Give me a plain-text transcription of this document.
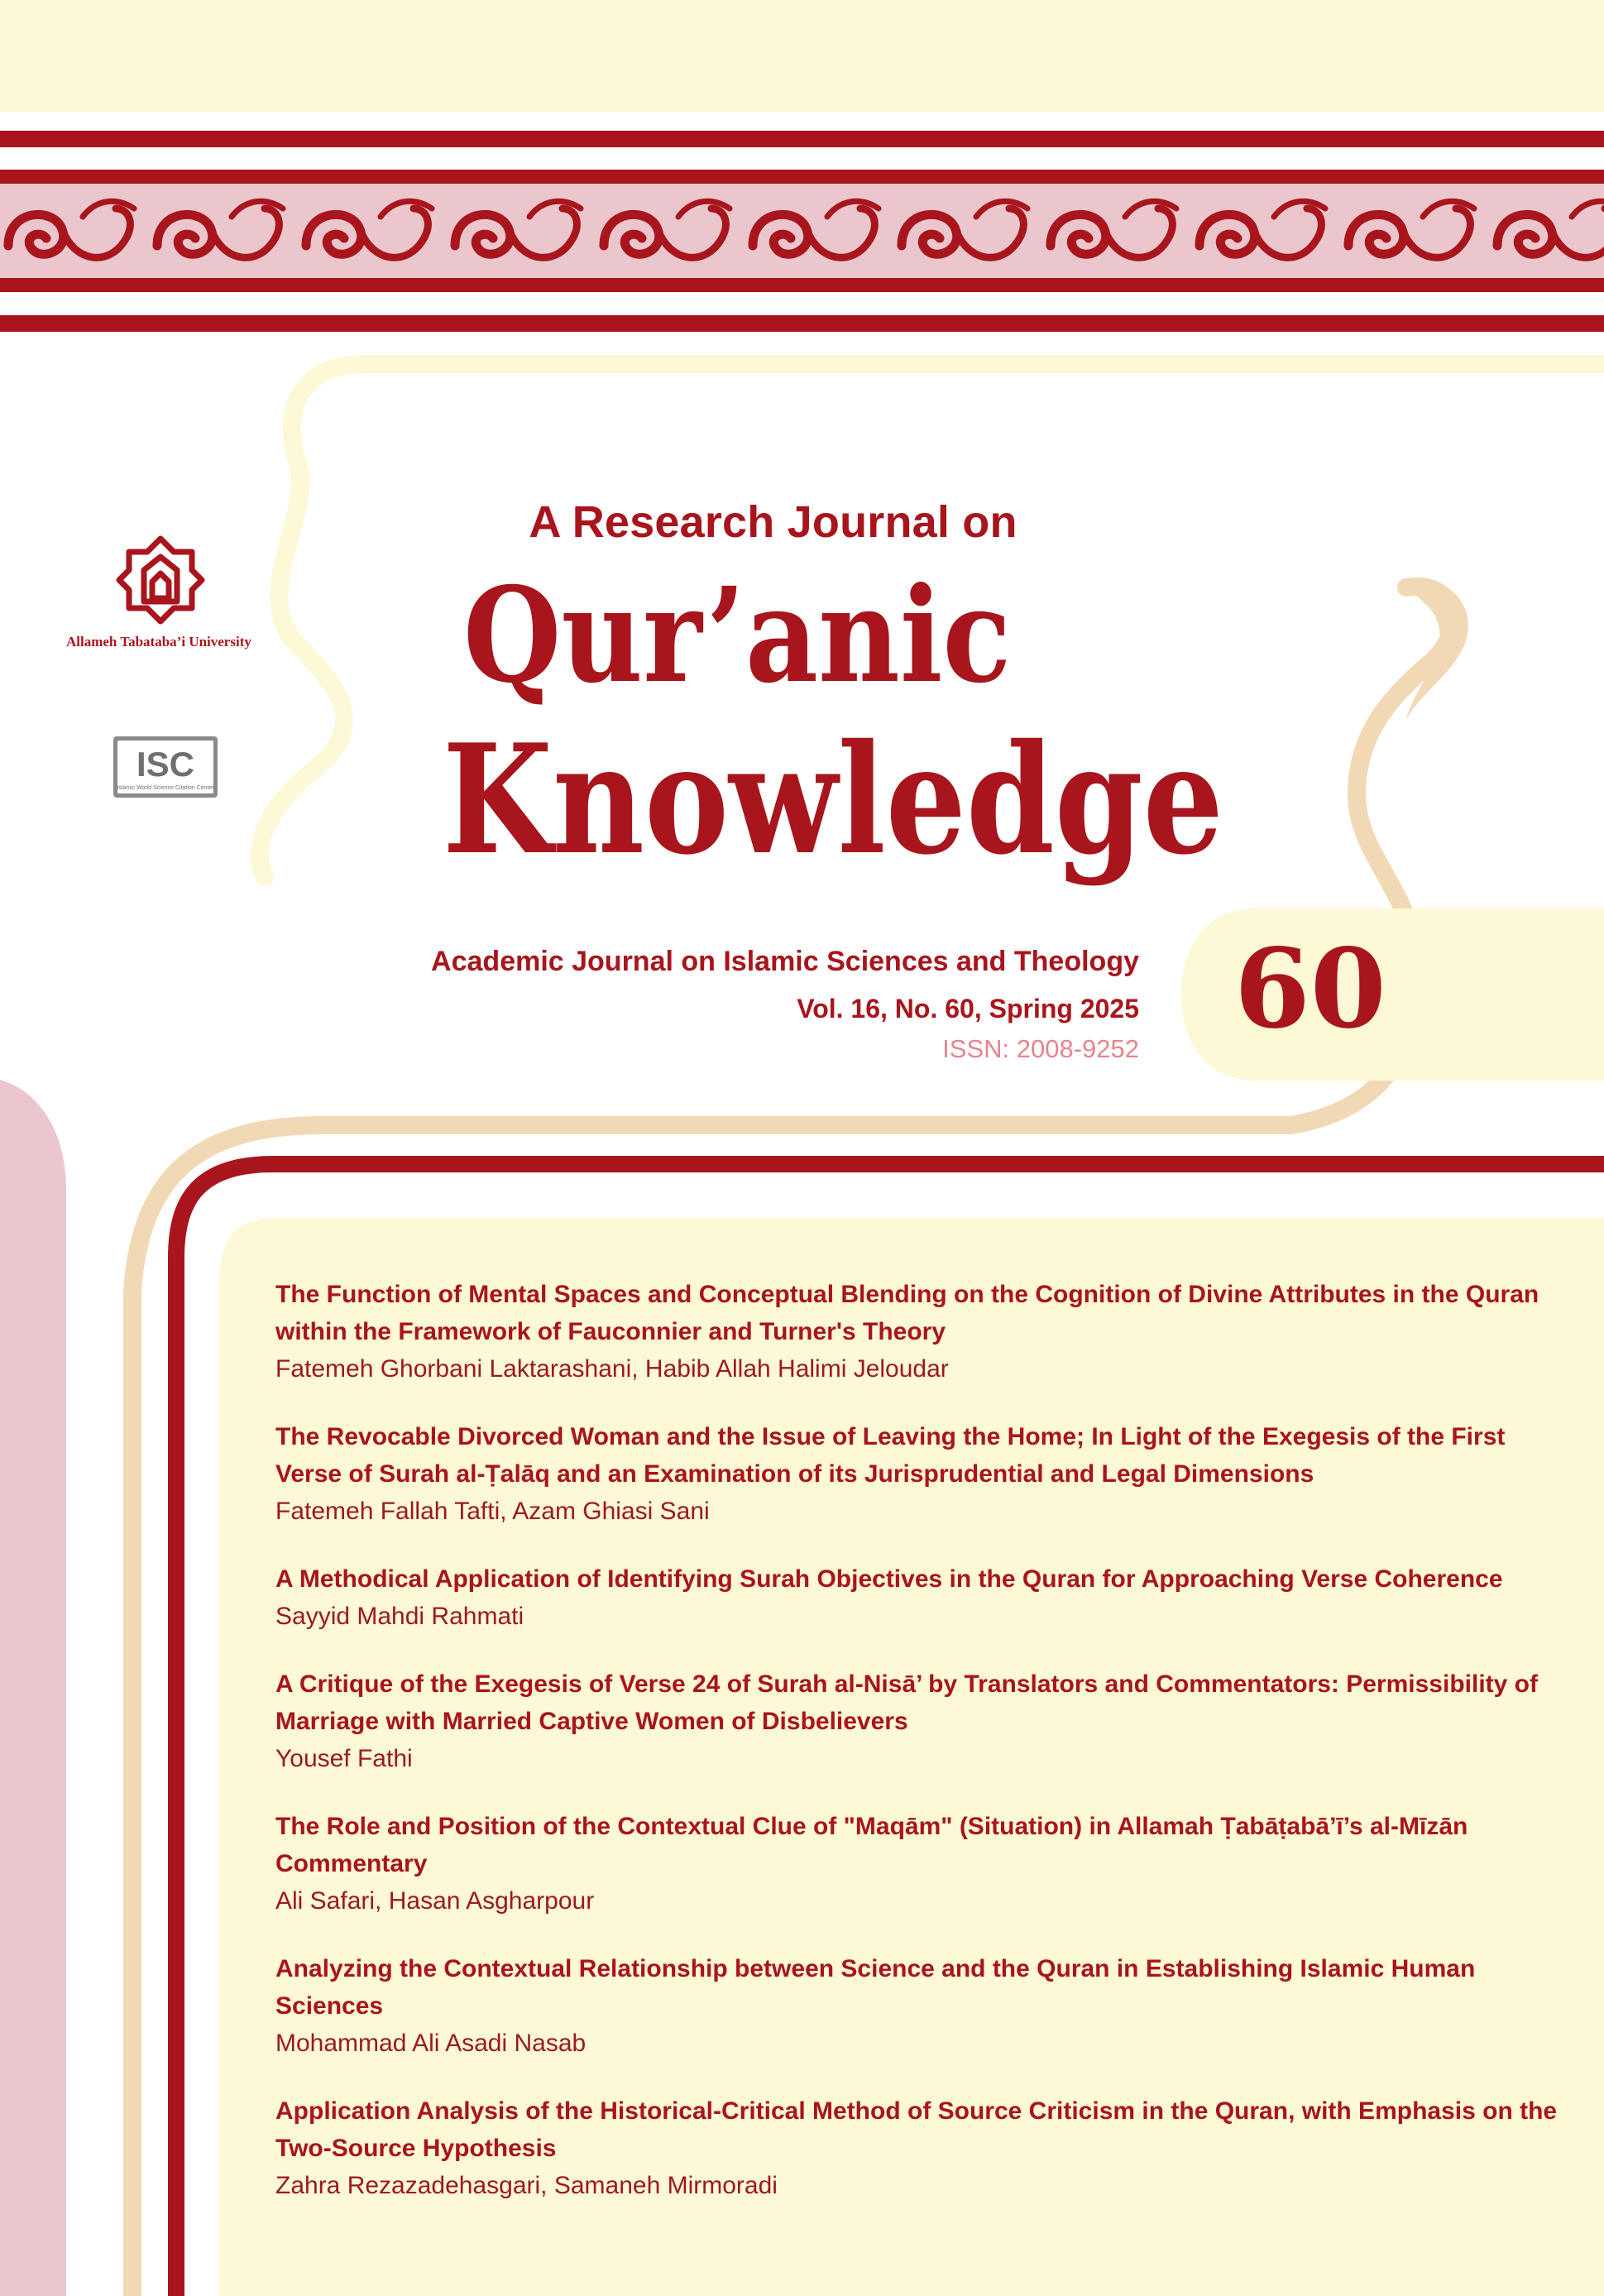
Allameh Tabataba’i University
ISC
Islamic World Science Citation Center
A Research Journal on
Qur’anic
Knowledge
Academic Journal on Islamic Sciences and Theology
Vol. 16, No. 60, Spring 2025
ISSN: 2008-9252 60
The Function of Mental Spaces and Conceptual Blending on the Cognition of Divine Attributes in the Quran within the Framework of Fauconnier and Turner's Theory
Fatemeh Ghorbani Laktarashani, Habib Allah Halimi Jeloudar
The Revocable Divorced Woman and the Issue of Leaving the Home; In Light of the Exegesis of the First Verse of Surah al-Ṭalāq and an Examination of its Jurisprudential and Legal Dimensions
Fatemeh Fallah Tafti, Azam Ghiasi Sani
A Methodical Application of Identifying Surah Objectives in the Quran for Approaching Verse Coherence
Sayyid Mahdi Rahmati
A Critique of the Exegesis of Verse 24 of Surah al-Nisā’ by Translators and Commentators: Permissibility of Marriage with Married Captive Women of Disbelievers
Yousef Fathi
The Role and Position of the Contextual Clue of "Maqām" (Situation) in Allamah Ṭabāṭabā’ī’s al-Mīzān Commentary
Ali Safari, Hasan Asgharpour
Analyzing the Contextual Relationship between Science and the Quran in Establishing Islamic Human Sciences
Mohammad Ali Asadi Nasab
Application Analysis of the Historical-Critical Method of Source Criticism in the Quran, with Emphasis on the Two-Source Hypothesis
Zahra Rezazadehasgari, Samaneh Mirmoradi
